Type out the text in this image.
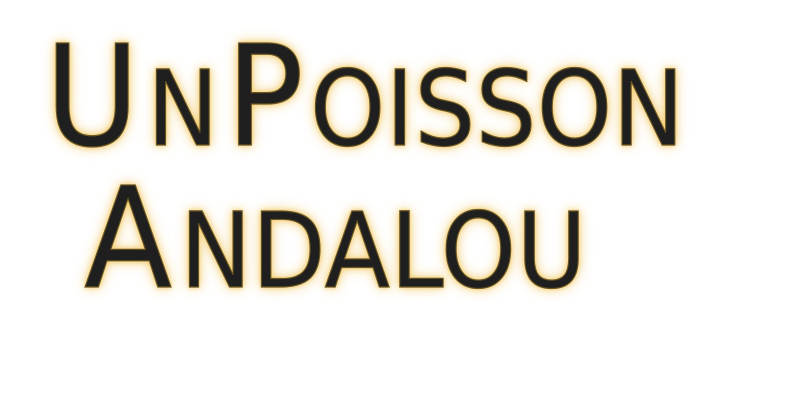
UNPOISSON
ANDALOU
